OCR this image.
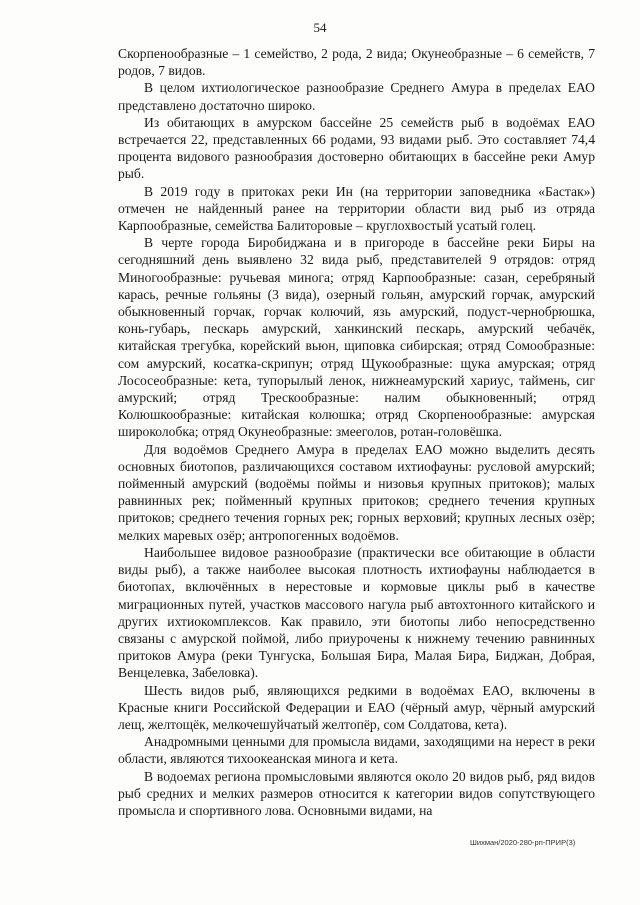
54

Скорпенообразные – 1 семейство, 2 рода, 2 вида; Окунеобразные – 6 семейств, 7 родов, 7 видов.

В целом ихтиологическое разнообразие Среднего Амура в пределах ЕАО представлено достаточно широко.

Из обитающих в амурском бассейне 25 семейств рыб в водоёмах ЕАО встречается 22, представленных 66 родами, 93 видами рыб. Это составляет 74,4 процента видового разнообразия достоверно обитающих в бассейне реки Амур рыб.

В 2019 году в притоках реки Ин (на территории заповедника «Бастак») отмечен не найденный ранее на территории области вид рыб из отряда Карпообразные, семейства Балиторовые – круглохвостый усатый голец.

В черте города Биробиджана и в пригороде в бассейне реки Биры на сегодняшний день выявлено 32 вида рыб, представителей 9 отрядов: отряд Миногообразные: ручьевая минога; отряд Карпообразные: сазан, серебряный карась, речные гольяны (3 вида), озерный гольян, амурский горчак, амурский обыкновенный горчак, горчак колючий, язь амурский, подуст-чернобрюшка, конь-губарь, пескарь амурский, ханкинский пескарь, амурский чебачёк, китайская трегубка, корейский вьюн, щиповка сибирская; отряд Сомообразные: сом амурский, косатка-скрипун; отряд Щукообразные: щука амурская; отряд Лососеобразные: кета, тупорылый ленок, нижнеамурский хариус, таймень, сиг амурский; отряд Трескообразные: налим обыкновенный; отряд Колюшкообразные: китайская колюшка; отряд Скорпенообразные: амурская широколобка; отряд Окунеобразные: змееголов, ротан-головёшка.

Для водоёмов Среднего Амура в пределах ЕАО можно выделить десять основных биотопов, различающихся составом ихтиофауны: русловой амурский; пойменный амурский (водоёмы поймы и низовья крупных притоков); малых равнинных рек; пойменный крупных притоков; среднего течения крупных притоков; среднего течения горных рек; горных верховий; крупных лесных озёр; мелких маревых озёр; антропогенных водоёмов.

Наибольшее видовое разнообразие (практически все обитающие в области виды рыб), а также наиболее высокая плотность ихтиофауны наблюдается в биотопах, включённых в нерестовые и кормовые циклы рыб в качестве миграционных путей, участков массового нагула рыб автохтонного китайского и других ихтиокомплексов. Как правило, эти биотопы либо непосредственно связаны с амурской поймой, либо приурочены к нижнему течению равнинных притоков Амура (реки Тунгуска, Большая Бира, Малая Бира, Биджан, Добрая, Венцелевка, Забеловка).

Шесть видов рыб, являющихся редкими в водоёмах ЕАО, включены в Красные книги Российской Федерации и ЕАО (чёрный амур, чёрный амурский лещ, желтощёк, мелкочешуйчатый желтопёр, сом Солдатова, кета).

Анадромными ценными для промысла видами, заходящими на нерест в реки области, являются тихоокеанская минога и кета.

В водоемах региона промысловыми являются около 20 видов рыб, ряд видов рыб средних и мелких размеров относится к категории видов сопутствующего промысла и спортивного лова. Основными видами, на

Шихман/2020-280-рп-ПРИР(3)
